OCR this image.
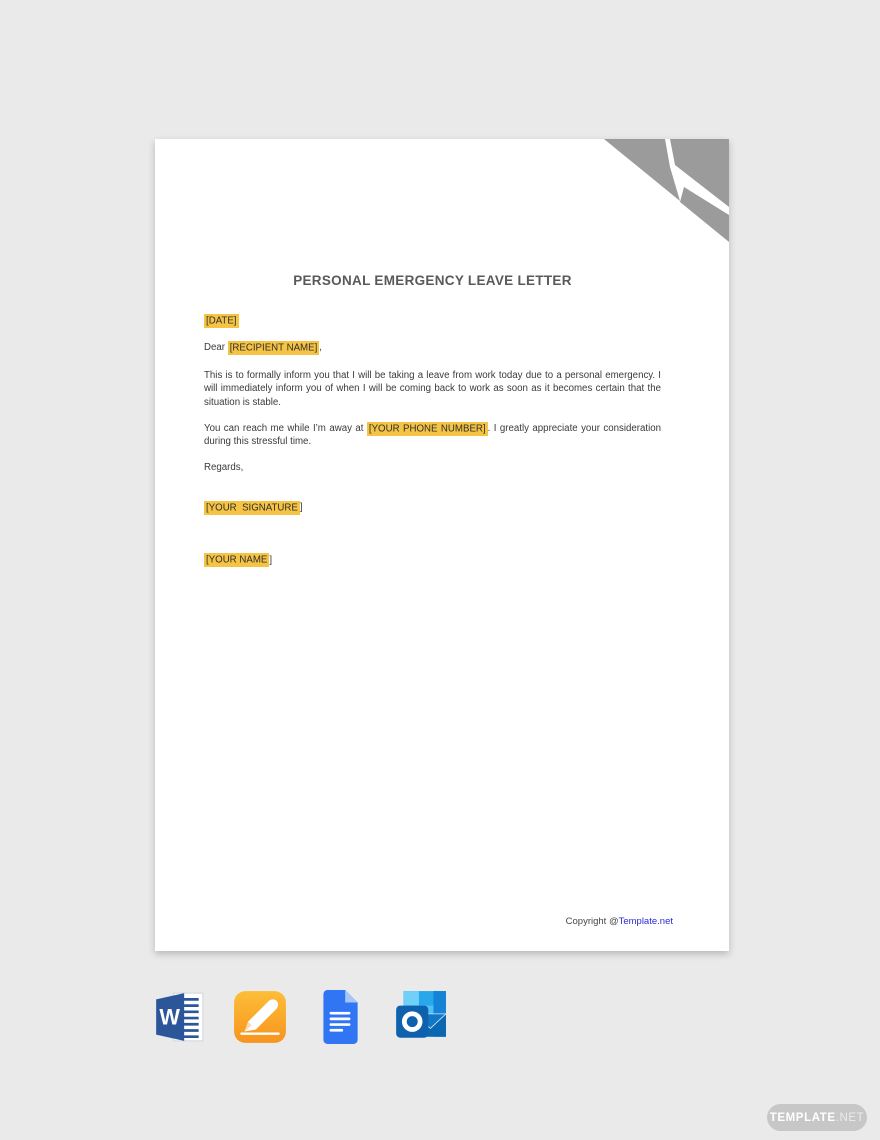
PERSONAL EMERGENCY LEAVE LETTER

[DATE]

Dear [RECIPIENT NAME] ,

This is to formally inform you that I will be taking a leave from work today due to a personal emergency. I will immediately inform you of when I will be coming back to work as soon as it becomes certain that the situation is stable.

You can reach me while I’m away at [YOUR PHONE NUMBER] . I greatly appreciate your consideration during this stressful time.

Regards,

[YOUR  SIGNATURE ]

[YOUR NAME ]

Copyright @Template.net
W
TEMPLATE .NET
